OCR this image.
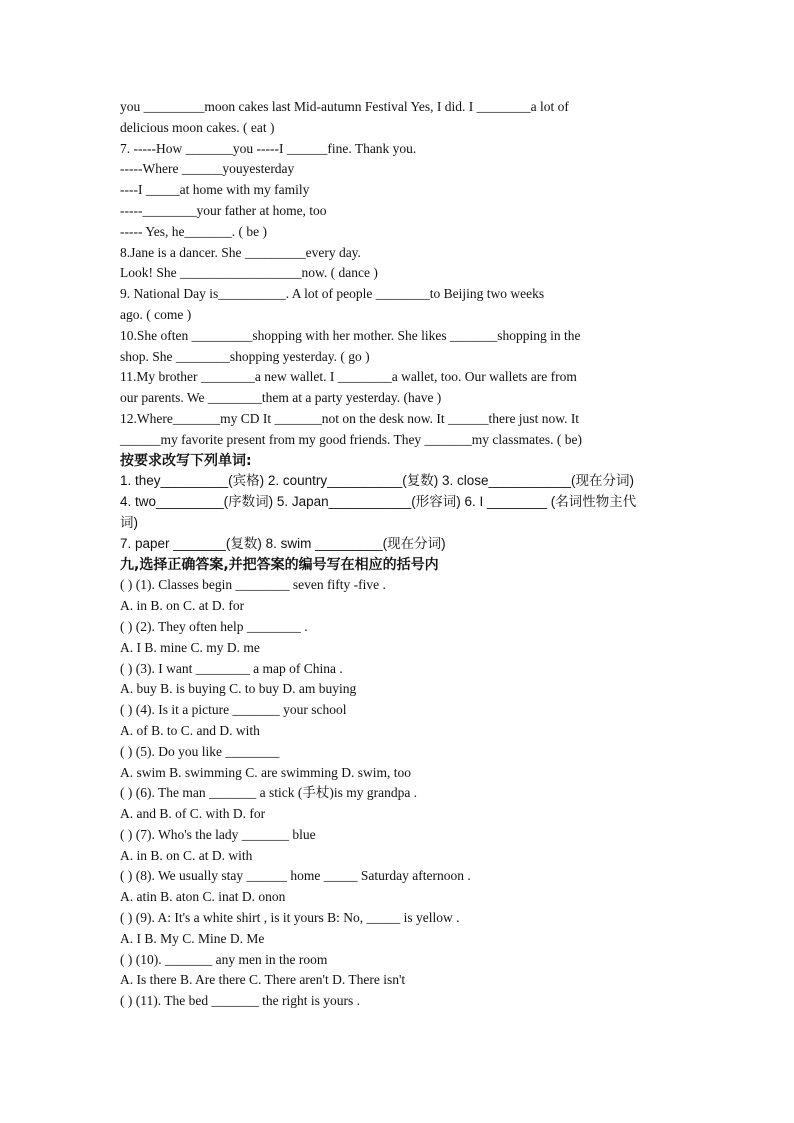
you _________moon cakes last Mid-autumn Festival Yes, I did. I ________a lot of
delicious moon cakes. ( eat )
7. -----How _______you -----I ______fine. Thank you.
-----Where ______youyesterday
----I _____at home with my family
-----________your father at home, too
----- Yes, he_______. ( be )
8.Jane is a dancer. She _________every day.
Look! She __________________now. ( dance )
9. National Day is__________. A lot of people ________to Beijing two weeks
ago. ( come )
10.She often _________shopping with her mother. She likes _______shopping in the
shop. She ________shopping yesterday. ( go )
11.My brother ________a new wallet. I ________a wallet, too. Our wallets are from
our parents. We ________them at a party yesterday. (have )
12.Where_______my CD It _______not on the desk now. It ______there just now. It
______my favorite present from my good friends. They _______my classmates. ( be)
按要求改写下列单词:
1. they_________(宾格) 2. country__________(复数) 3. close___________(现在分词)
4. two_________(序数词) 5. Japan___________(形容词) 6. I ________ (名词性物主代
词)
7. paper _______(复数) 8. swim _________(现在分词)
九,选择正确答案,并把答案的编号写在相应的括号内
( ) (1). Classes begin ________ seven fifty -five .
A. in B. on C. at D. for
( ) (2). They often help ________ .
A. I B. mine C. my D. me
( ) (3). I want ________ a map of China .
A. buy B. is buying C. to buy D. am buying
( ) (4). Is it a picture _______ your school
A. of B. to C. and D. with
( ) (5). Do you like ________
A. swim B. swimming C. are swimming D. swim, too
( ) (6). The man _______ a stick (手杖)is my grandpa .
A. and B. of C. with D. for
( ) (7). Who's the lady _______ blue
A. in B. on C. at D. with
( ) (8). We usually stay ______ home _____ Saturday afternoon .
A. atin B. aton C. inat D. onon
( ) (9). A: It's a white shirt , is it yours B: No, _____ is yellow .
A. I B. My C. Mine D. Me
( ) (10). _______ any men in the room
A. Is there B. Are there C. There aren't D. There isn't
( ) (11). The bed _______ the right is yours .
